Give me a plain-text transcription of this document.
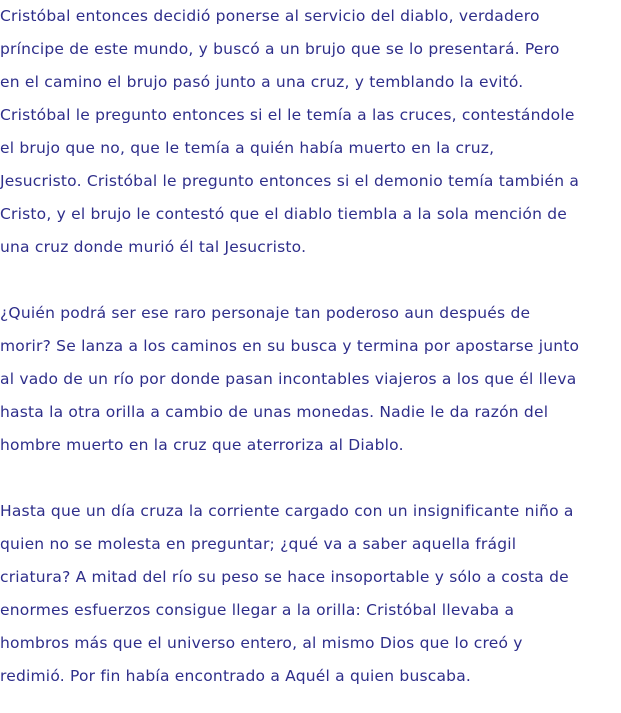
Cristóbal entonces decidió ponerse al servicio del diablo, verdadero
príncipe de este mundo, y buscó a un brujo que se lo presentará. Pero
en el camino el brujo pasó junto a una cruz, y temblando la evitó.
Cristóbal le pregunto entonces si el le temía a las cruces, contestándole
el brujo que no, que le temía a quién había muerto en la cruz,
Jesucristo. Cristóbal le pregunto entonces si el demonio temía también a
Cristo, y el brujo le contestó que el diablo tiembla a la sola mención de
una cruz donde murió él tal Jesucristo.
¿Quién podrá ser ese raro personaje tan poderoso aun después de
morir? Se lanza a los caminos en su busca y termina por apostarse junto
al vado de un río por donde pasan incontables viajeros a los que él lleva
hasta la otra orilla a cambio de unas monedas. Nadie le da razón del
hombre muerto en la cruz que aterroriza al Diablo.
Hasta que un día cruza la corriente cargado con un insignificante niño a
quien no se molesta en preguntar; ¿qué va a saber aquella frágil
criatura? A mitad del río su peso se hace insoportable y sólo a costa de
enormes esfuerzos consigue llegar a la orilla: Cristóbal llevaba a
hombros más que el universo entero, al mismo Dios que lo creó y
redimió. Por fin había encontrado a Aquél a quien buscaba.
